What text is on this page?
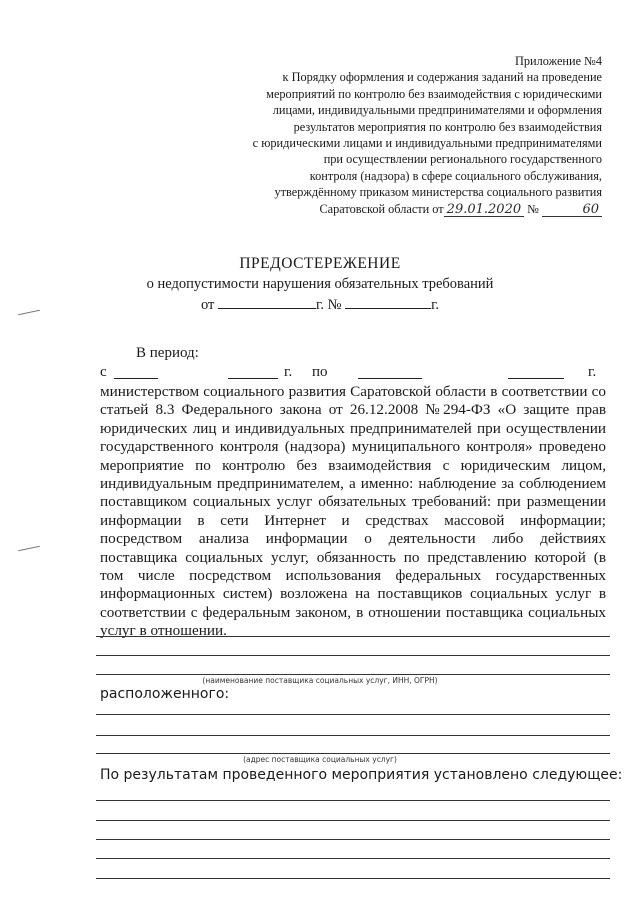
Приложение №4
к Порядку оформления и содержания заданий на проведение
мероприятий по контролю без взаимодействия с юридическими
лицами, индивидуальными предпринимателями и оформления
результатов мероприятия по контролю без взаимодействия
с юридическими лицами и индивидуальными предпринимателями
при осуществлении регионального государственного
контроля (надзора) в сфере социального обслуживания,
утверждённому приказом министерства социального развития
Саратовской области от 29.01.2020 №	60
ПРЕДОСТЕРЕЖЕНИЕ
о недопустимости нарушения обязательных требований
от	г. №	г.
В период:
с	г. по	г.
министерством социального развития Саратовской области в соответствии со
статьей 8.3 Федерального закона от 26.12.2008 №294-ФЗ «О защите прав
юридических лиц и индивидуальных предпринимателей при осуществлении
государственного контроля (надзора) муниципального контроля» проведено
мероприятие по контролю без взаимодействия с юридическим лицом,
индивидуальным предпринимателем, а именно: наблюдение за соблюдением
поставщиком социальных услуг обязательных требований: при размещении
информации в сети Интернет и средствах массовой информации;
посредством анализа информации о деятельности либо действиях
поставщика социальных услуг, обязанность по представлению которой (в
том числе посредством использования федеральных государственных
информационных систем) возложена на поставщиков социальных услуг в
соответствии с федеральным законом, в отношении поставщика социальных
услуг в отношении.
(наименование поставщика социальных услуг, ИНН, ОГРН)
расположенного:
(адрес поставщика социальных услуг)
По результатам проведенного мероприятия установлено следующее:
